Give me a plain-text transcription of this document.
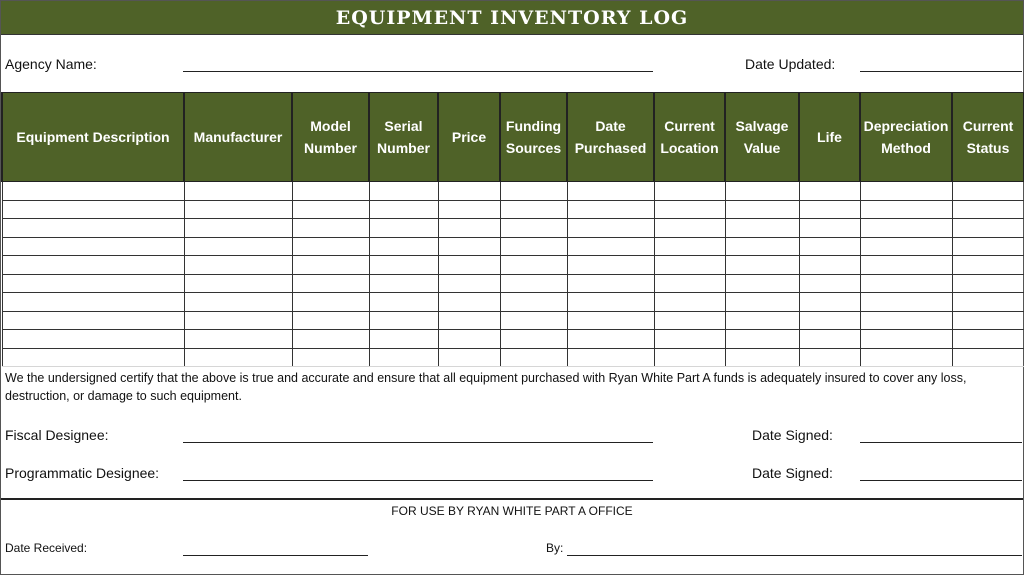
EQUIPMENT INVENTORY LOG
Agency Name:	Date Updated:
Equipment Description	Manufacturer	Model Number	Serial Number	Price	Funding Sources	Date Purchased	Current Location	Salvage Value	Life	Depreciation Method	Current Status

We the undersigned certify that the above is true and accurate and ensure that all equipment purchased with Ryan White Part A funds is adequately insured to cover any loss, destruction, or damage to such equipment.
Fiscal Designee:	Date Signed:
Programmatic Designee:	Date Signed:
FOR USE BY RYAN WHITE PART A OFFICE
Date Received:	By:
